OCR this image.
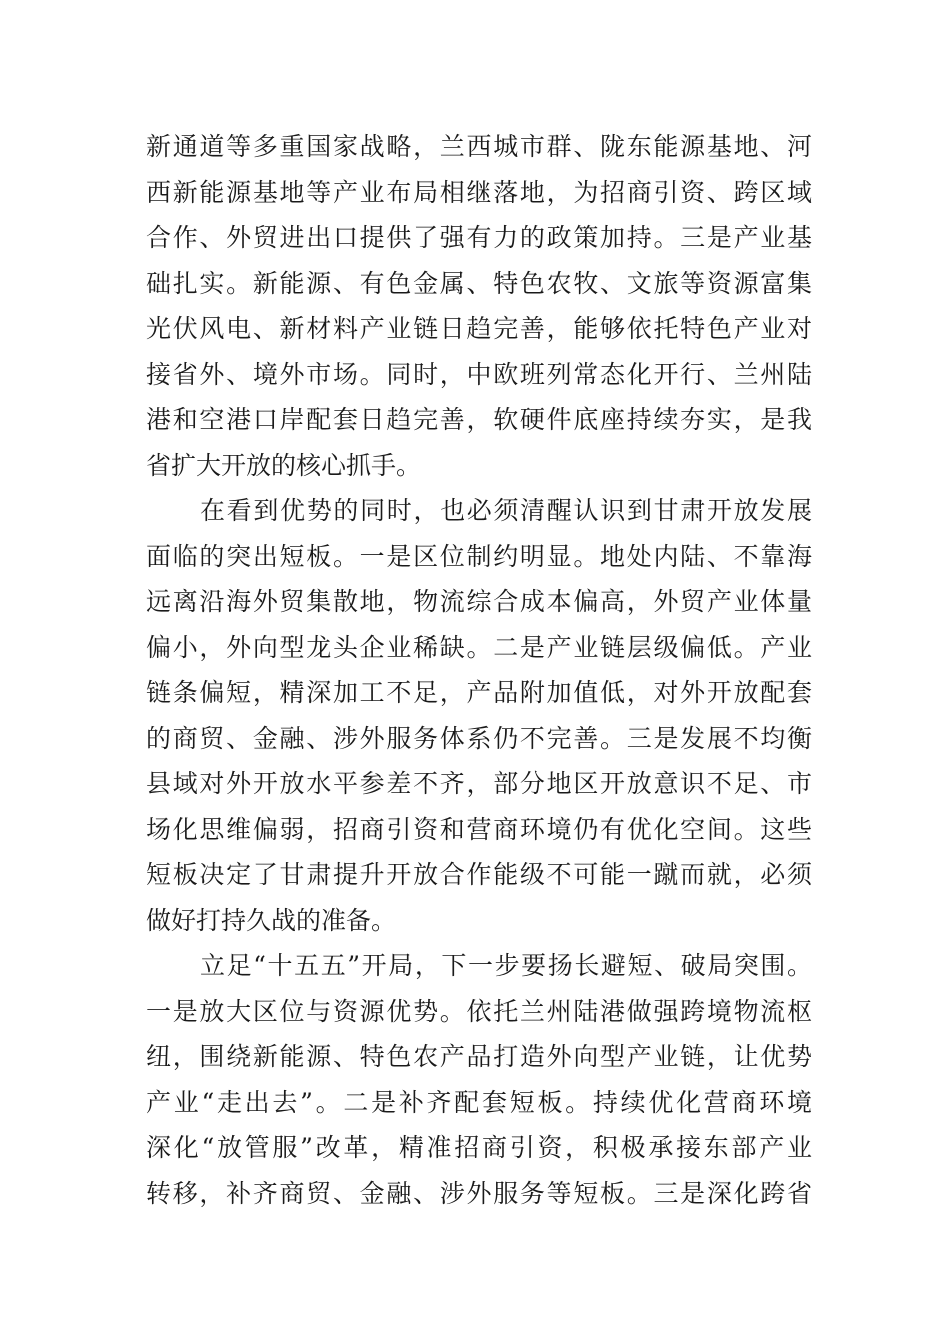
新通道等多重国家战略，兰西城市群、陇东能源基地、河
西新能源基地等产业布局相继落地，为招商引资、跨区域
合作、外贸进出口提供了强有力的政策加持。三是产业基
础扎实。新能源、有色金属、特色农牧、文旅等资源富集
光伏风电、新材料产业链日趋完善，能够依托特色产业对
接省外、境外市场。同时，中欧班列常态化开行、兰州陆
港和空港口岸配套日趋完善，软硬件底座持续夯实，是我
省扩大开放的核心抓手。
在看到优势的同时，也必须清醒认识到甘肃开放发展
面临的突出短板。一是区位制约明显。地处内陆、不靠海
远离沿海外贸集散地，物流综合成本偏高，外贸产业体量
偏小，外向型龙头企业稀缺。二是产业链层级偏低。产业
链条偏短，精深加工不足，产品附加值低，对外开放配套
的商贸、金融、涉外服务体系仍不完善。三是发展不均衡
县域对外开放水平参差不齐，部分地区开放意识不足、市
场化思维偏弱，招商引资和营商环境仍有优化空间。这些
短板决定了甘肃提升开放合作能级不可能一蹴而就，必须
做好打持久战的准备。
立足“十五五”开局，下一步要扬长避短、破局突围。
一是放大区位与资源优势。依托兰州陆港做强跨境物流枢
纽，围绕新能源、特色农产品打造外向型产业链，让优势
产业“走出去”。二是补齐配套短板。持续优化营商环境
深化“放管服”改革，精准招商引资，积极承接东部产业
转移，补齐商贸、金融、涉外服务等短板。三是深化跨省
